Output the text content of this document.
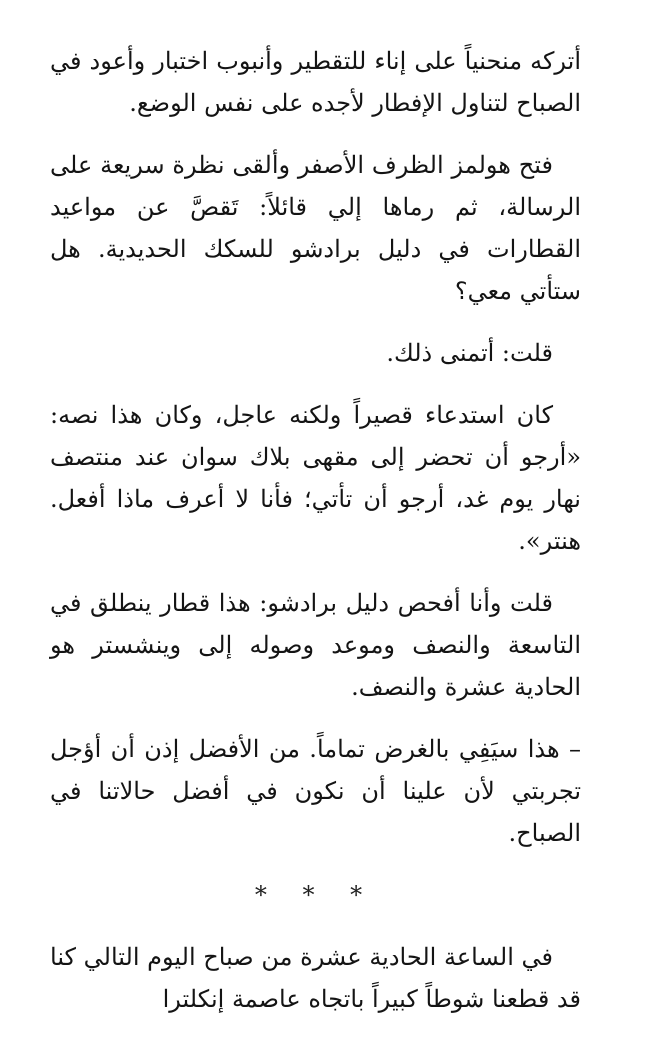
أتركه منحنياً على إناء للتقطير وأنبوب اختبار وأعود في الصباح لتناول الإفطار لأجده على نفس الوضع.

فتح هولمز الظرف الأصفر وألقى نظرة سريعة على الرسالة، ثم رماها إلي قائلاً: تَقصَّ عن مواعيد القطارات في دليل برادشو للسكك الحديدية. هل ستأتي معي؟

قلت: أتمنى ذلك.

كان استدعاء قصيراً ولكنه عاجل، وكان هذا نصه: «أرجو أن تحضر إلى مقهى بلاك سوان عند منتصف نهار يوم غد، أرجو أن تأتي؛ فأنا لا أعرف ماذا أفعل. هنتر».

قلت وأنا أفحص دليل برادشو: هذا قطار ينطلق في التاسعة والنصف وموعد وصوله إلى وينشستر هو الحادية عشرة والنصف.

– هذا سيَفِي بالغرض تماماً. من الأفضل إذن أن أؤجل تجربتي لأن علينا أن نكون في أفضل حالاتنا في الصباح.

* * *

في الساعة الحادية عشرة من صباح اليوم التالي كنا قد قطعنا شوطاً كبيراً باتجاه عاصمة إنكلترا
